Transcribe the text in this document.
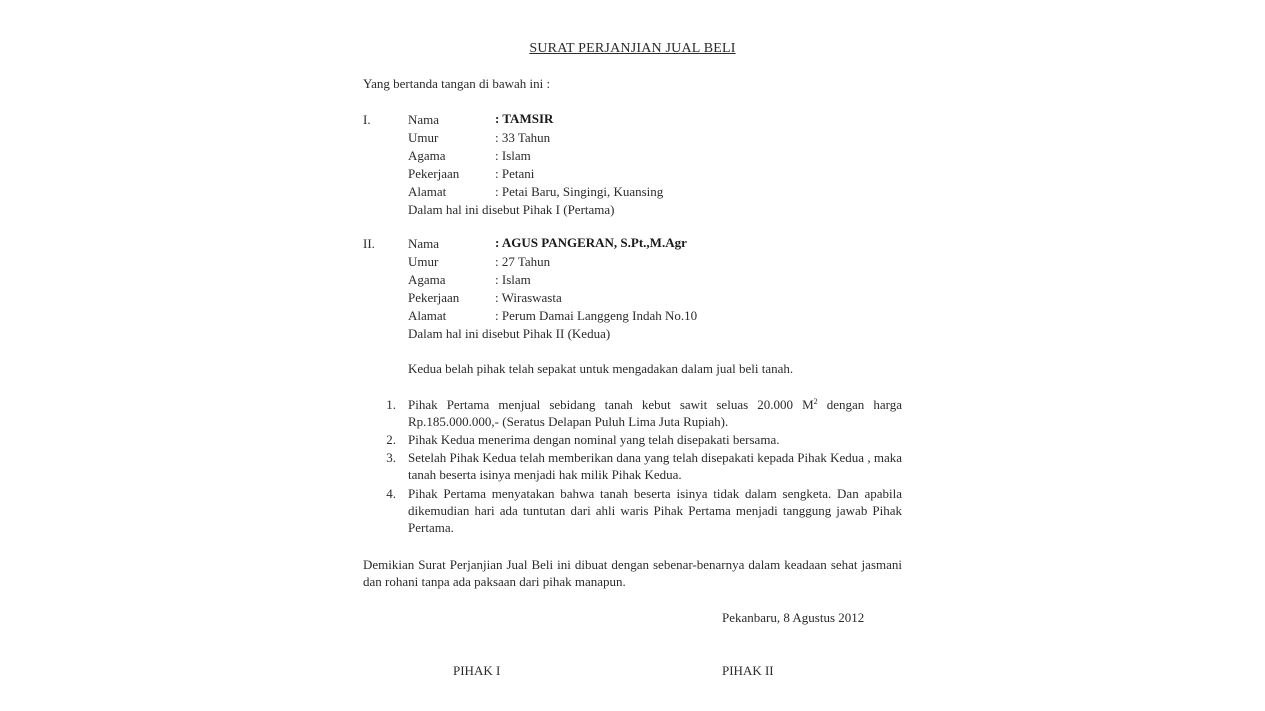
SURAT PERJANJIAN JUAL BELI
Yang bertanda tangan di bawah ini :
I.	Nama	: TAMSIR
Umur	: 33 Tahun
Agama	: Islam
Pekerjaan	: Petani
Alamat	: Petai Baru, Singingi, Kuansing
Dalam hal ini disebut Pihak I (Pertama)
II.	Nama	: AGUS PANGERAN, S.Pt.,M.Agr
Umur	: 27 Tahun
Agama	: Islam
Pekerjaan	: Wiraswasta
Alamat	: Perum Damai Langgeng Indah No.10
Dalam hal ini disebut Pihak II (Kedua)
Kedua belah pihak telah sepakat untuk mengadakan dalam jual beli tanah.
1. Pihak Pertama menjual sebidang tanah kebut sawit seluas 20.000 $M^2$ dengan harga Rp.185.000.000,- (Seratus Delapan Puluh Lima Juta Rupiah).
2. Pihak Kedua menerima dengan nominal yang telah disepakati bersama.
3. Setelah Pihak Kedua telah memberikan dana yang telah disepakati kepada Pihak Kedua , maka tanah beserta isinya menjadi hak milik Pihak Kedua.
4. Pihak Pertama menyatakan bahwa tanah beserta isinya tidak dalam sengketa. Dan apabila dikemudian hari ada tuntutan dari ahli waris Pihak Pertama menjadi tanggung jawab Pihak Pertama.
Demikian Surat Perjanjian Jual Beli ini dibuat dengan sebenar-benarnya dalam keadaan sehat jasmani dan rohani tanpa ada paksaan dari pihak manapun.
Pekanbaru, 8 Agustus 2012
PIHAK I	PIHAK II
